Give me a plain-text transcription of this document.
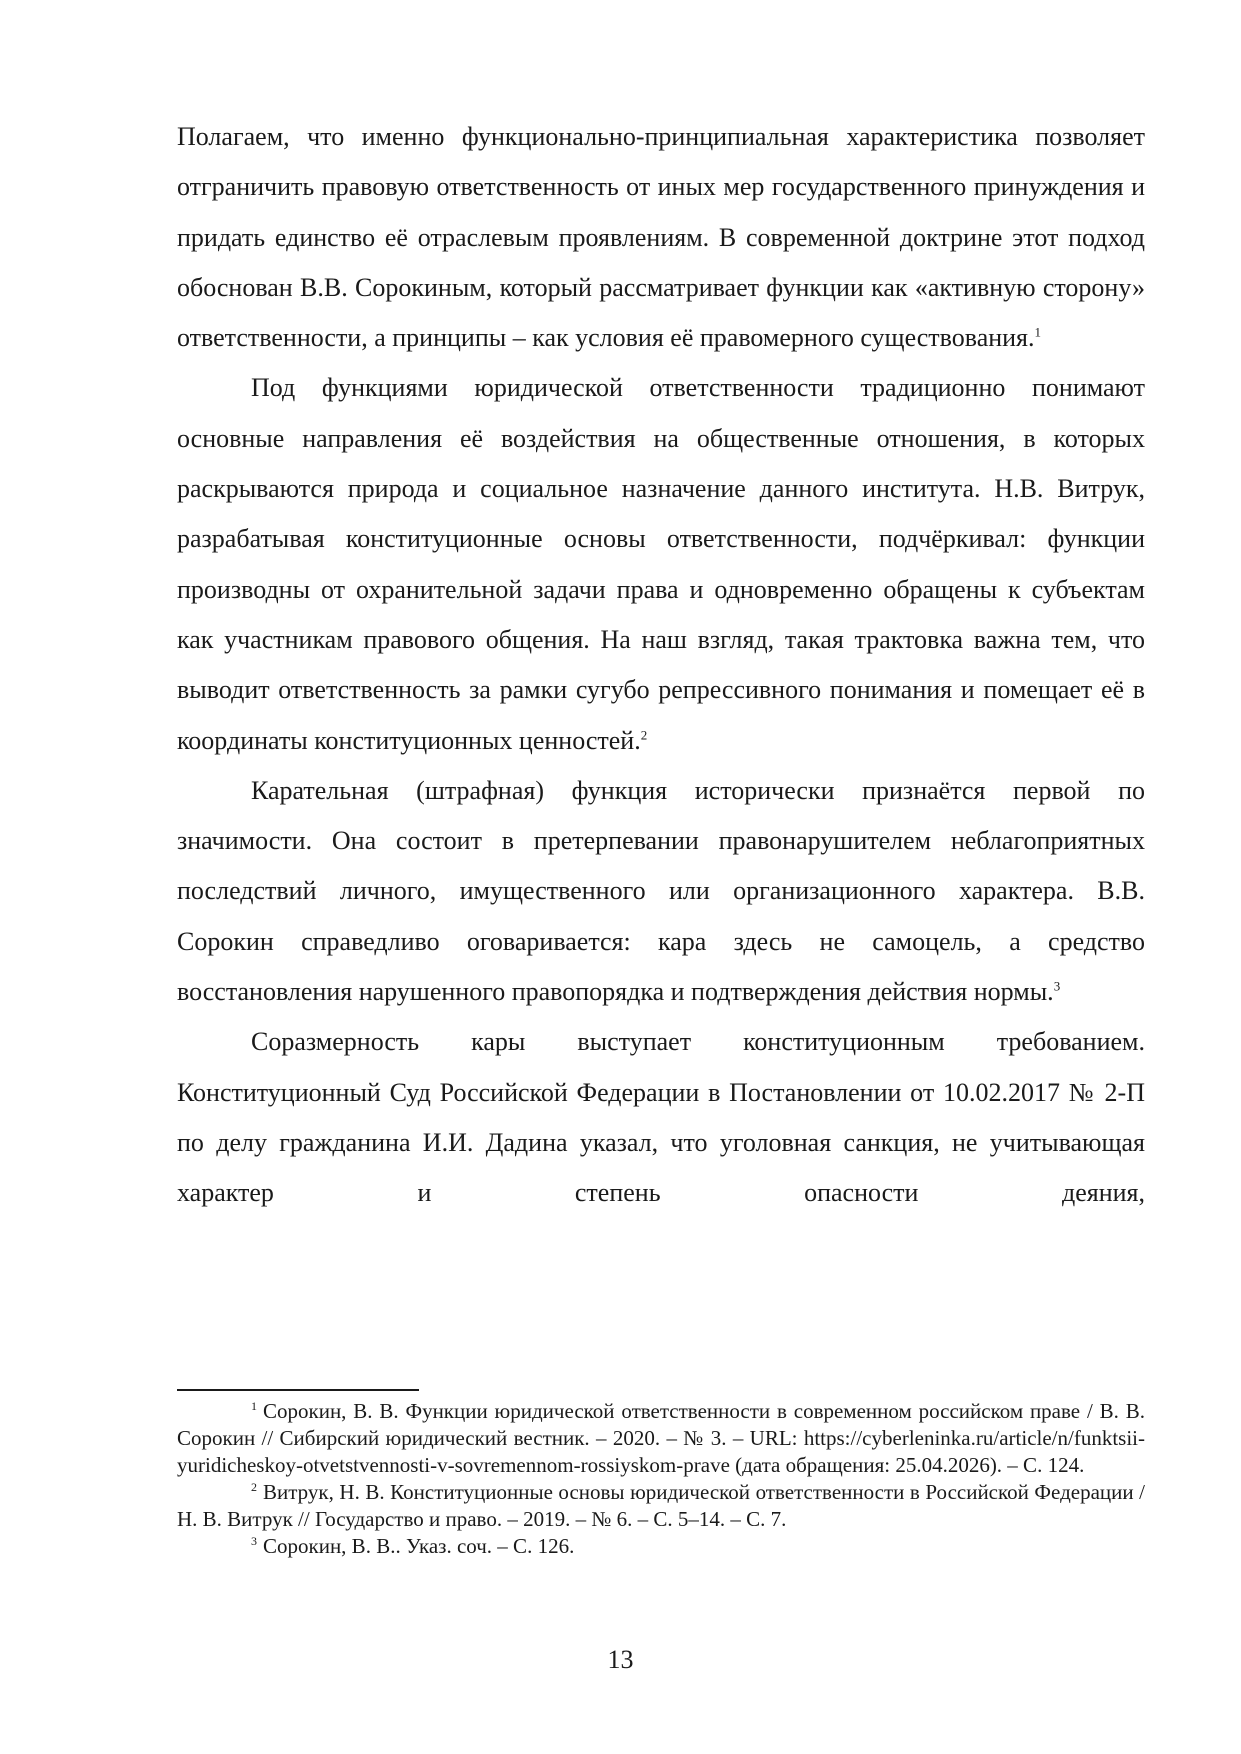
Полагаем, что именно функционально-принципиальная характеристика позволяет отграничить правовую ответственность от иных мер государственного принуждения и придать единство её отраслевым проявлениям. В современной доктрине этот подход обоснован В.В. Сорокиным, который рассматривает функции как «активную сторону» ответственности, а принципы – как условия её правомерного существования.$^1$

Под функциями юридической ответственности традиционно понимают основные направления её воздействия на общественные отношения, в которых раскрываются природа и социальное назначение данного института. Н.В. Витрук, разрабатывая конституционные основы ответственности, подчёркивал: функции производны от охранительной задачи права и одновременно обращены к субъектам как участникам правового общения. На наш взгляд, такая трактовка важна тем, что выводит ответственность за рамки сугубо репрессивного понимания и помещает её в координаты конституционных ценностей.$^2$

Карательная (штрафная) функция исторически признаётся первой по значимости. Она состоит в претерпевании правонарушителем неблагоприятных последствий личного, имущественного или организационного характера. В.В. Сорокин справедливо оговаривается: кара здесь не самоцель, а средство восстановления нарушенного правопорядка и подтверждения действия нормы.$^3$

Соразмерность кары выступает конституционным требованием. Конституционный Суд Российской Федерации в Постановлении от 10.02.2017 № 2-П по делу гражданина И.И. Дадина указал, что уголовная санкция, не учитывающая характер и степень опасности деяния,

$^1$ Сорокин, В. В. Функции юридической ответственности в современном российском праве / В. В. Сорокин // Сибирский юридический вестник. – 2020. – № 3. – URL: https://cyberleninka.ru/article/n/funktsii-yuridicheskoy-otvetstvennosti-v-sovremennom-rossiyskom-prave (дата обращения: 25.04.2026). – С. 124.

$^2$ Витрук, Н. В. Конституционные основы юридической ответственности в Российской Федерации / Н. В. Витрук // Государство и право. – 2019. – № 6. – С. 5–14. – С. 7.

$^3$ Сорокин, В. В.. Указ. соч. – С. 126.

13
